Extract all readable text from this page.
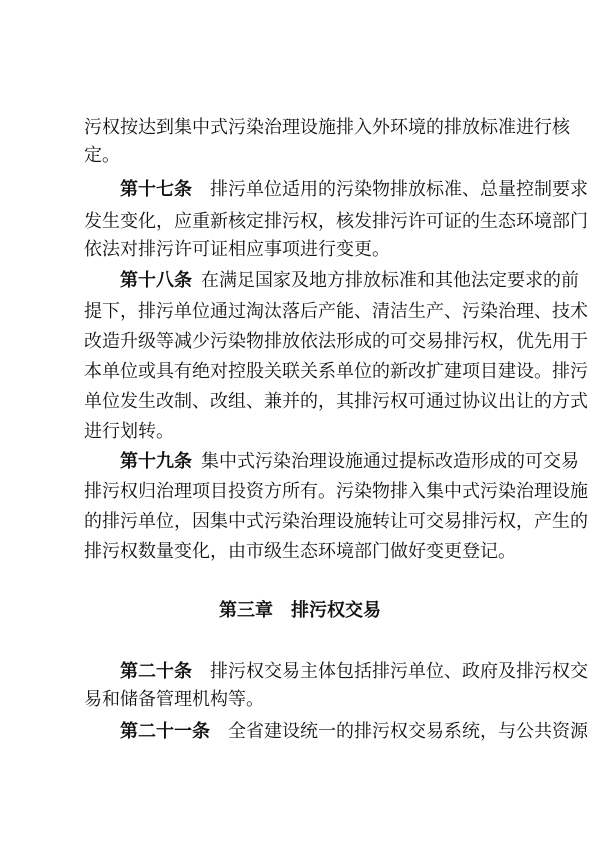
污权按达到集中式污染治理设施排入外环境的排放标准进行核
定。
第十七条 排污单位适用的污染物排放标准、总量控制要求
发生变化，应重新核定排污权，核发排污许可证的生态环境部门
依法对排污许可证相应事项进行变更。
第十八条 在满足国家及地方排放标准和其他法定要求的前
提下，排污单位通过淘汰落后产能、清洁生产、污染治理、技术
改造升级等减少污染物排放依法形成的可交易排污权，优先用于
本单位或具有绝对控股关联关系单位的新改扩建项目建设。排污
单位发生改制、改组、兼并的，其排污权可通过协议出让的方式
进行划转。
第十九条 集中式污染治理设施通过提标改造形成的可交易
排污权归治理项目投资方所有。污染物排入集中式污染治理设施
的排污单位，因集中式污染治理设施转让可交易排污权，产生的
排污权数量变化，由市级生态环境部门做好变更登记。
第三章 排污权交易
第二十条 排污权交易主体包括排污单位、政府及排污权交
易和储备管理机构等。
第二十一条 全省建设统一的排污权交易系统，与公共资源
